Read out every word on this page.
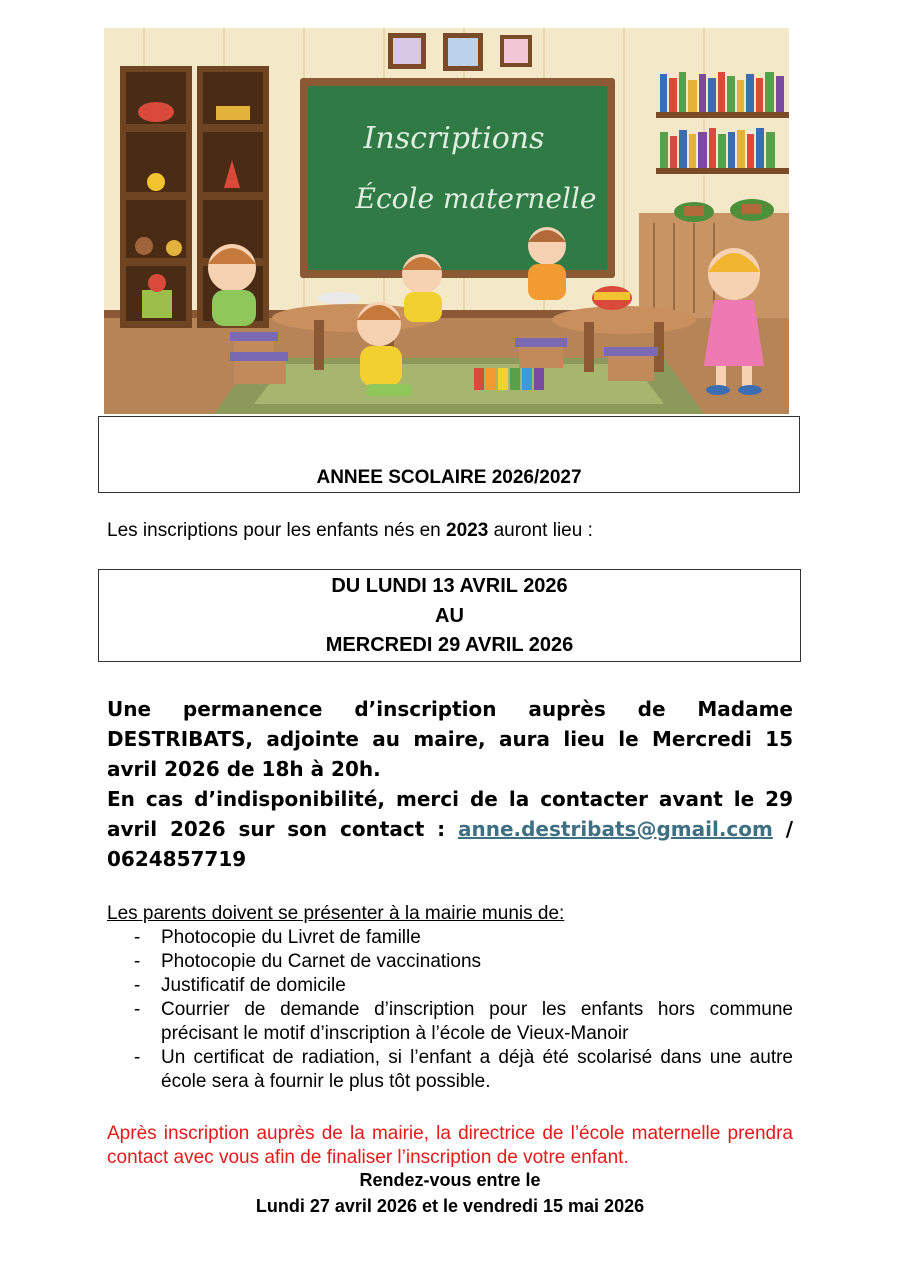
Inscriptions
École maternelle
ANNEE SCOLAIRE 2026/2027
Les inscriptions pour les enfants nés en 2023 auront lieu :
DU LUNDI 13 AVRIL 2026
AU
MERCREDI 29 AVRIL 2026
Une permanence d’inscription auprès de Madame
DESTRIBATS, adjointe au maire, aura lieu le Mercredi 15
avril 2026 de 18h à 20h.
En cas d’indisponibilité, merci de la contacter avant le 29
avril 2026 sur son contact : anne.destribats@gmail.com /
0624857719
Les parents doivent se présenter à la mairie munis de:
- Photocopie du Livret de famille
- Photocopie du Carnet de vaccinations
- Justificatif de domicile
- Courrier de demande d’inscription pour les enfants hors commune précisant le motif d’inscription à l’école de Vieux-Manoir
- Un certificat de radiation, si l’enfant a déjà été scolarisé dans une autre école sera à fournir le plus tôt possible.
Après inscription auprès de la mairie, la directrice de l’école maternelle prendra contact avec vous afin de finaliser l’inscription de votre enfant.
Rendez-vous entre le
Lundi 27 avril 2026 et le vendredi 15 mai 2026
